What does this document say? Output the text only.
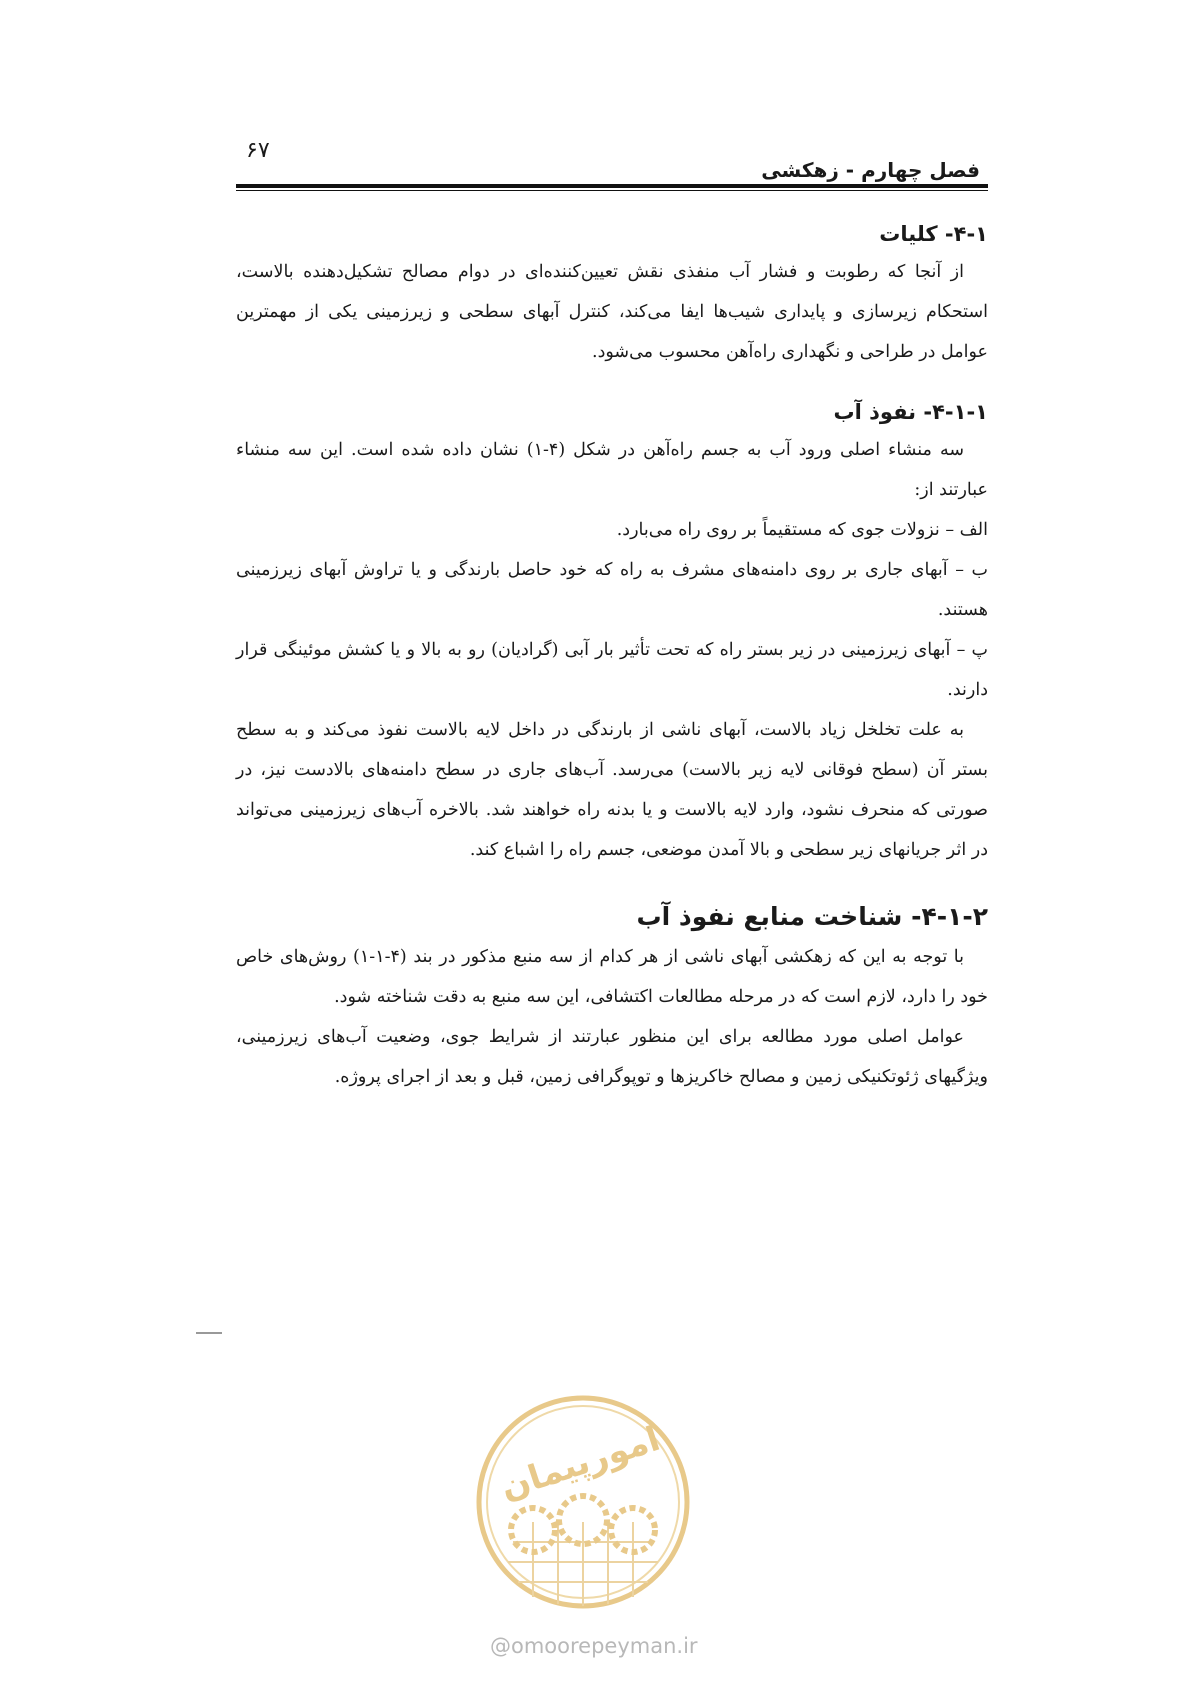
۶۷
فصل چهارم - زهکشی
۴-۱- کلیات

از آنجا که رطوبت و فشار آب منفذی نقش تعیین‌کننده‌ای در دوام مصالح تشکیل‌دهنده بالاست، استحکام زیرسازی و پایداری شیب‌ها ایفا می‌کند، کنترل آبهای سطحی و زیرزمینی یکی از مهمترین عوامل در طراحی و نگهداری راه‌آهن محسوب می‌شود.

۴-۱-۱- نفوذ آب

سه منشاء اصلی ورود آب به جسم راه‌آهن در شکل (۴-۱) نشان داده شده است. این سه منشاء عبارتند از:

الف – نزولات جوی که مستقیماً بر روی راه می‌بارد.

ب – آبهای جاری بر روی دامنه‌های مشرف به راه که خود حاصل بارندگی و یا تراوش آبهای زیرزمینی هستند.

پ – آبهای زیرزمینی در زیر بستر راه که تحت تأثیر بار آبی (گرادیان) رو به بالا و یا کشش موئینگی قرار دارند.

به علت تخلخل زیاد بالاست، آبهای ناشی از بارندگی در داخل لایه بالاست نفوذ می‌کند و به سطح بستر آن (سطح فوقانی لایه زیر بالاست) می‌رسد. آب‌های جاری در سطح دامنه‌های بالادست نیز، در صورتی که منحرف نشود، وارد لایه بالاست و یا بدنه راه خواهند شد. بالاخره آب‌های زیرزمینی می‌تواند در اثر جریانهای زیر سطحی و بالا آمدن موضعی، جسم راه را اشباع کند.

۴-۱-۲- شناخت منابع نفوذ آب

با توجه به این که زهکشی آبهای ناشی از هر کدام از سه منبع مذکور در بند (۴-۱-۱) روش‌های خاص خود را دارد، لازم است که در مرحله مطالعات اکتشافی، این سه منبع به دقت شناخته شود.

عوامل اصلی مورد مطالعه برای این منظور عبارتند از شرایط جوی، وضعیت آب‌های زیرزمینی، ویژگیهای ژئوتکنیکی زمین و مصالح خاکریزها و توپوگرافی زمین، قبل و بعد از اجرای پروژه.

امورپیمان
@omoorepeyman.ir
